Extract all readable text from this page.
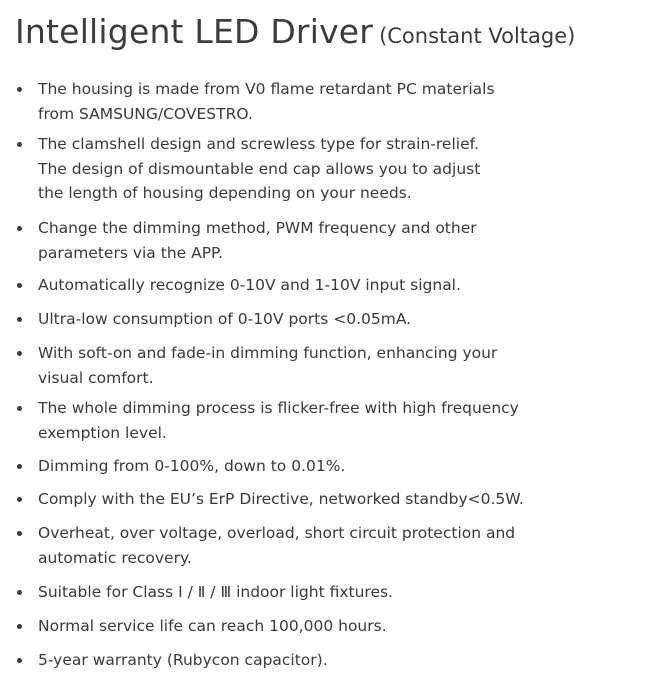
Intelligent LED Driver (Constant Voltage)
The housing is made from V0 flame retardant PC materials
from SAMSUNG/COVESTRO.
The clamshell design and screwless type for strain-relief.
The design of dismountable end cap allows you to adjust
the length of housing depending on your needs.
Change the dimming method, PWM frequency and other
parameters via the APP.
Automatically recognize 0-10V and 1-10V input signal.
Ultra-low consumption of 0-10V ports <0.05mA.
With soft-on and fade-in dimming function, enhancing your
visual comfort.
The whole dimming process is flicker-free with high frequency
exemption level.
Dimming from 0-100%, down to 0.01%.
Comply with the EU’s ErP Directive, networked standby<0.5W.
Overheat, over voltage, overload, short circuit protection and
automatic recovery.
Suitable for Class Ⅰ / Ⅱ / Ⅲ indoor light fixtures.
Normal service life can reach 100,000 hours.
5-year warranty (Rubycon capacitor).
